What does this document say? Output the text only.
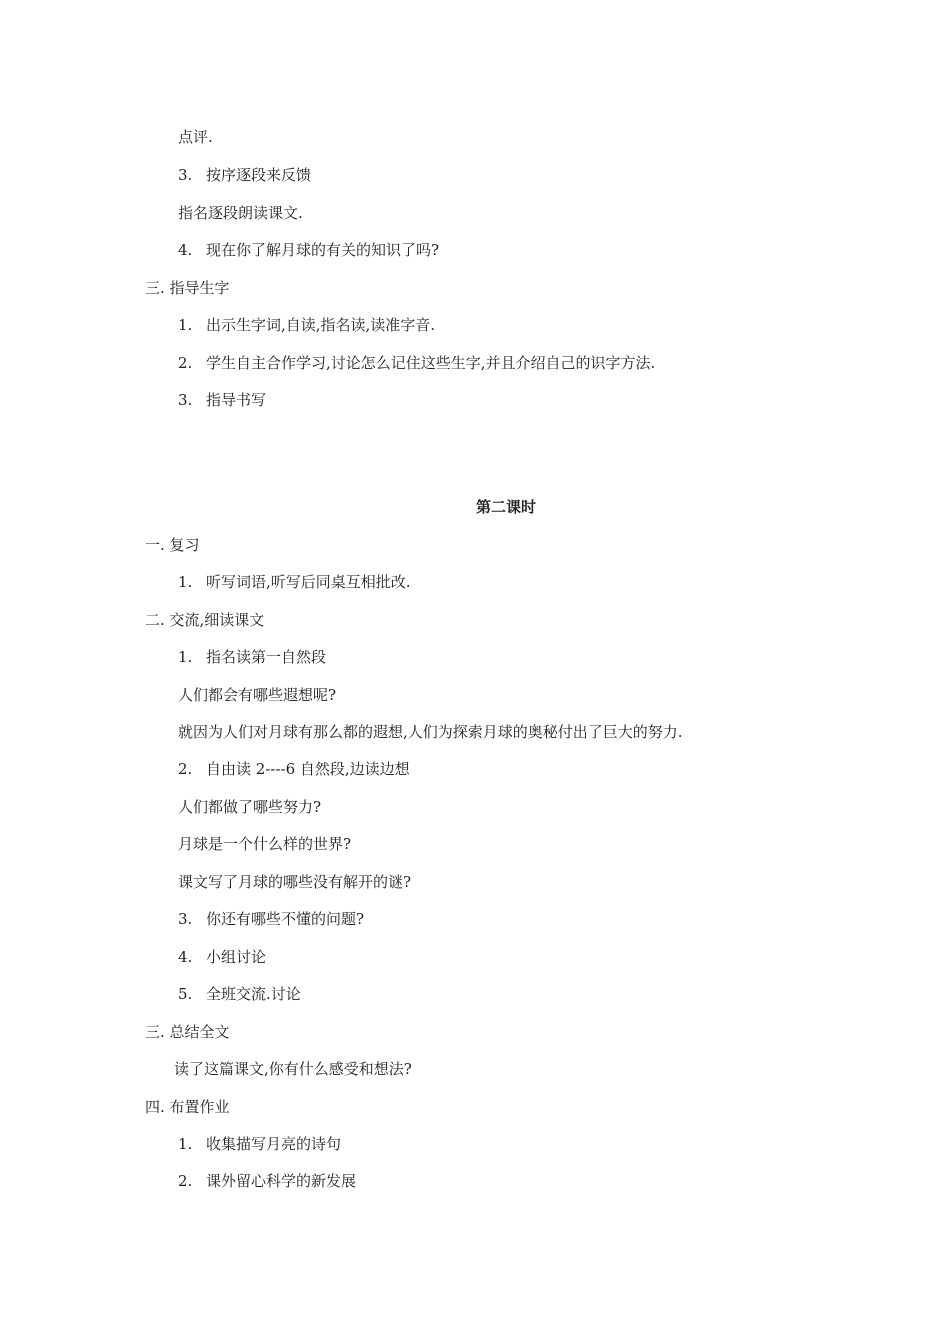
点评.
3. 按序逐段来反馈
指名逐段朗读课文.
4. 现在你了解月球的有关的知识了吗?
三. 指导生字
1. 出示生字词,自读,指名读,读准字音.
2. 学生自主合作学习,讨论怎么记住这些生字,并且介绍自己的识字方法.
3. 指导书写
第二课时
一. 复习
1. 听写词语,听写后同桌互相批改.
二. 交流,细读课文
1. 指名读第一自然段
人们都会有哪些遐想呢?
就因为人们对月球有那么都的遐想,人们为探索月球的奥秘付出了巨大的努力.
2. 自由读 2----6 自然段,边读边想
人们都做了哪些努力?
月球是一个什么样的世界?
课文写了月球的哪些没有解开的谜?
3. 你还有哪些不懂的问题?
4. 小组讨论
5. 全班交流.讨论
三. 总结全文
读了这篇课文,你有什么感受和想法?
四. 布置作业
1. 收集描写月亮的诗句
2. 课外留心科学的新发展
